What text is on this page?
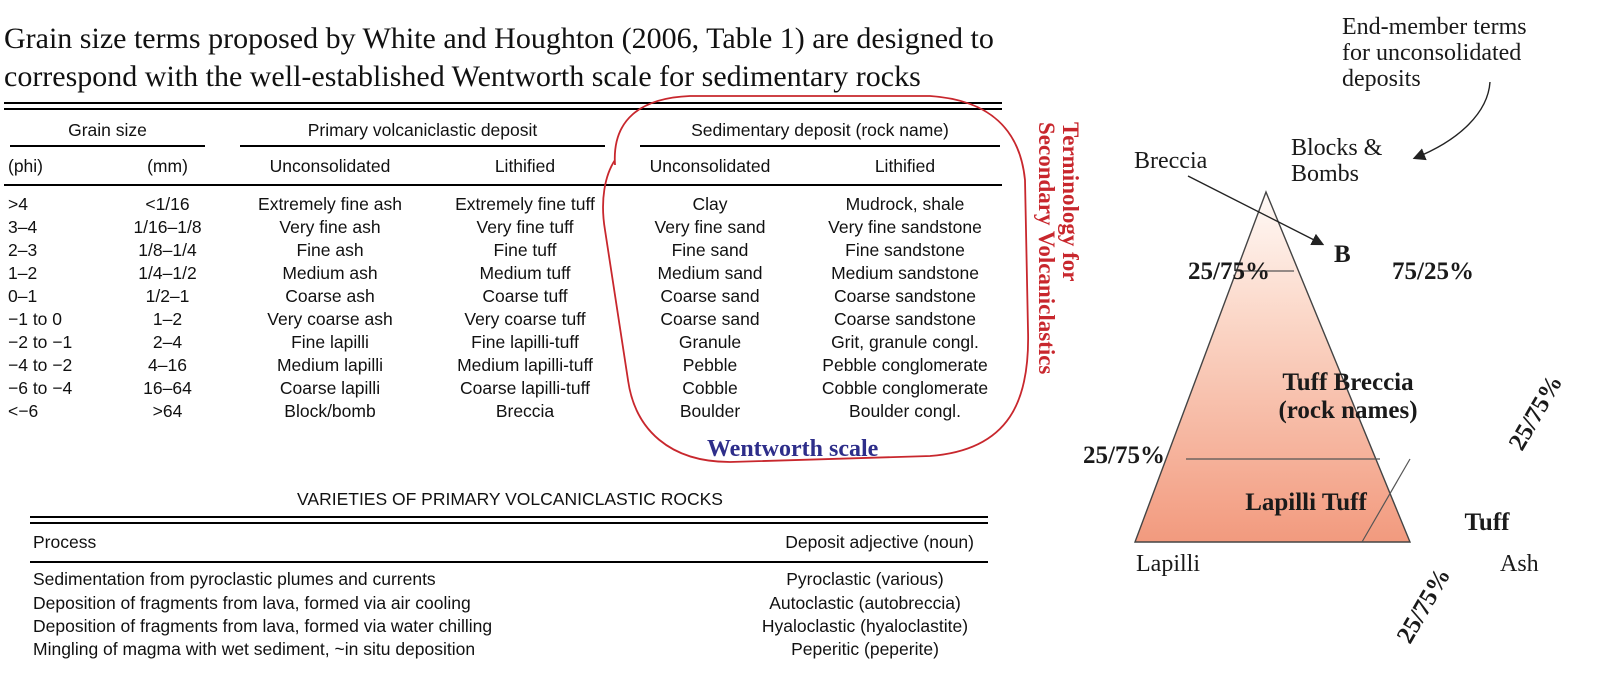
Grain size terms proposed by White and Houghton (2006, Table 1) are designed to
correspond with the well-established Wentworth scale for sedimentary rocks
Grain size	Primary volcaniclastic deposit	Sedimentary deposit (rock name)
(phi)	(mm)	Unconsolidated	Lithified	Unconsolidated	Lithified
>4	<1/16	Extremely fine ash	Extremely fine tuff	Clay	Mudrock, shale
3–4	1/16–1/8	Very fine ash	Very fine tuff	Very fine sand	Very fine sandstone
2–3	1/8–1/4	Fine ash	Fine tuff	Fine sand	Fine sandstone
1–2	1/4–1/2	Medium ash	Medium tuff	Medium sand	Medium sandstone
0–1	1/2–1	Coarse ash	Coarse tuff	Coarse sand	Coarse sandstone
−1 to 0	1–2	Very coarse ash	Very coarse tuff	Coarse sand	Coarse sandstone
−2 to −1	2–4	Fine lapilli	Fine lapilli-tuff	Granule	Grit, granule congl.
−4 to −2	4–16	Medium lapilli	Medium lapilli-tuff	Pebble	Pebble conglomerate
−6 to −4	16–64	Coarse lapilli	Coarse lapilli-tuff	Cobble	Cobble conglomerate
<−6	>64	Block/bomb	Breccia	Boulder	Boulder congl.
Terminology for
Secondary Volcaniclastics
Wentworth scale
VARIETIES OF PRIMARY VOLCANICLASTIC ROCKS
Process	Deposit adjective (noun)
Sedimentation from pyroclastic plumes and currents	Pyroclastic (various)
Deposition of fragments from lava, formed via air cooling	Autoclastic (autobreccia)
Deposition of fragments from lava, formed via water chilling	Hyaloclastic (hyaloclastite)
Mingling of magma with wet sediment, ~in situ deposition	Peperitic (peperite)
End-member terms
for unconsolidated
deposits
Breccia	Blocks &
Bombs
Lapilli	Ash
B
25/75%	75/25%
Tuff Breccia
(rock names)
25/75%
Lapilli Tuff
Tuff
25/75%
25/75%
